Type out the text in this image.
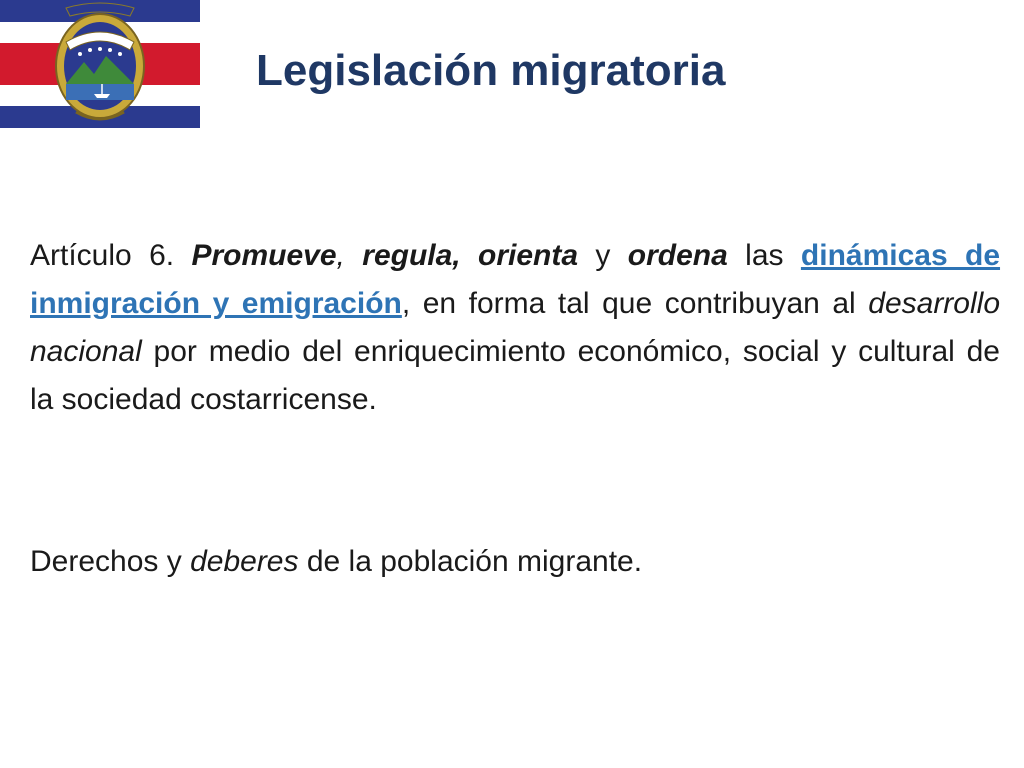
Legislación migratoria

Artículo 6. Promueve, regula, orienta y ordena las dinámicas de inmigración y emigración, en forma tal que contribuyan al desarrollo nacional por medio del enriquecimiento económico, social y cultural de la sociedad costarricense.

Derechos y deberes de la población migrante.
